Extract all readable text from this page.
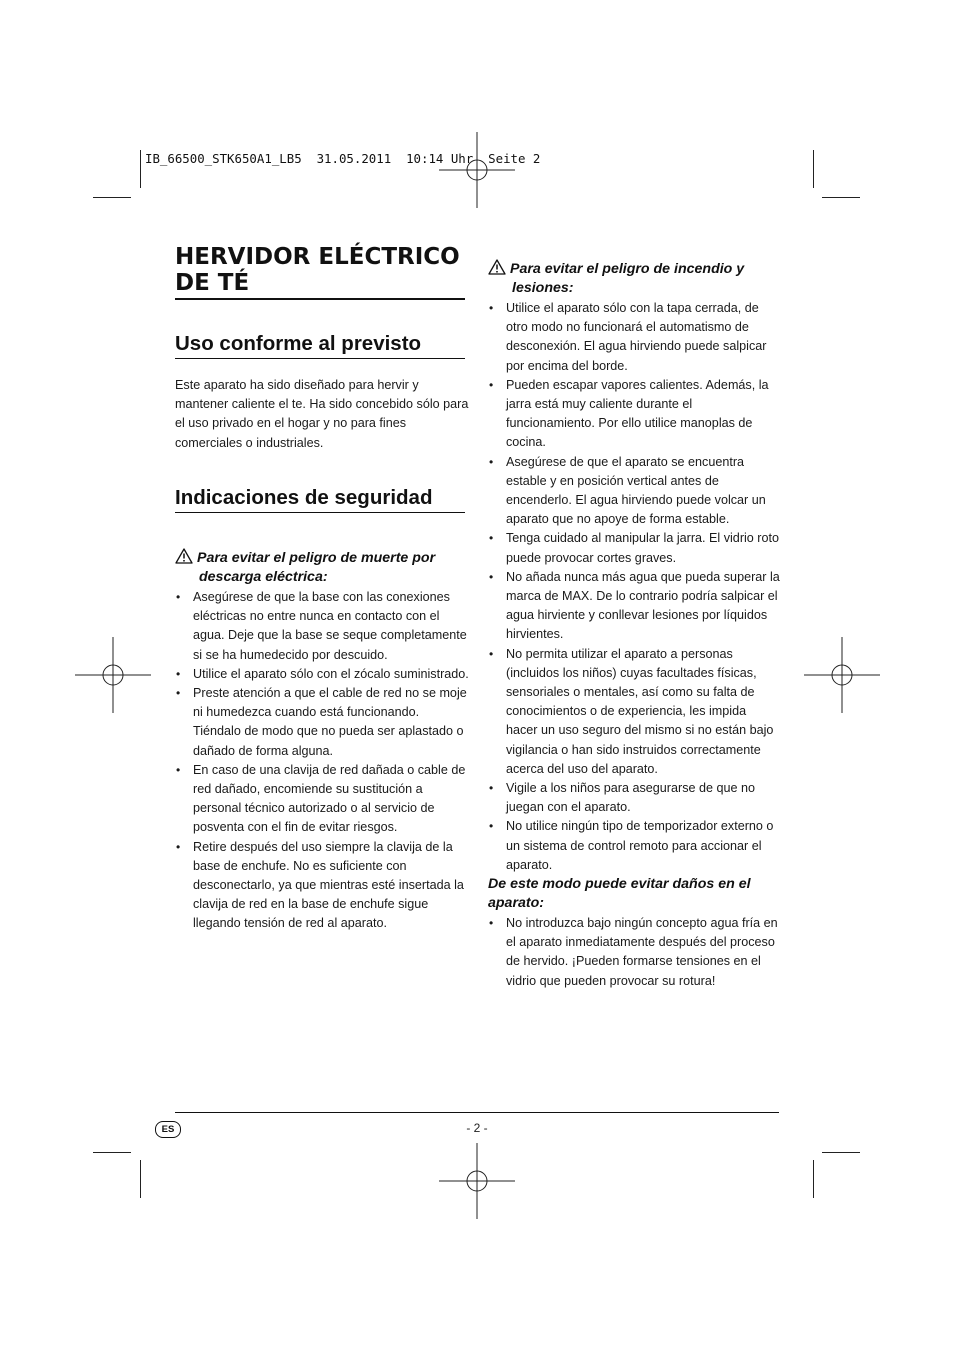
IB_66500_STK650A1_LB5  31.05.2011  10:14 Uhr  Seite 2
HERVIDOR ELÉCTRICO DE TÉ
Uso conforme al previsto

Este aparato ha sido diseñado para hervir y mantener caliente el te. Ha sido concebido sólo para el uso privado en el hogar y no para fines comerciales o industriales.

Indicaciones de seguridad
Para evitar el peligro de muerte por descarga eléctrica:
• Asegúrese de que la base con las conexiones eléctricas no entre nunca en contacto con el agua. Deje que la base se seque completamente si se ha humedecido por descuido.
• Utilice el aparato sólo con el zócalo suministrado.
• Preste atención a que el cable de red no se moje ni humedezca cuando está funcionando. Tiéndalo de modo que no pueda ser aplastado o dañado de forma alguna.
• En caso de una clavija de red dañada o cable de red dañado, encomiende su sustitución a personal técnico autorizado o al servicio de posventa con el fin de evitar riesgos.
• Retire después del uso siempre la clavija de la base de enchufe. No es suficiente con desconectarlo, ya que mientras esté insertada la clavija de red en la base de enchufe sigue llegando tensión de red al aparato.
Para evitar el peligro de incendio y lesiones:
• Utilice el aparato sólo con la tapa cerrada, de otro modo no funcionará el automatismo de desconexión. El agua hirviendo puede salpicar por encima del borde.
• Pueden escapar vapores calientes. Además, la jarra está muy caliente durante el funcionamiento. Por ello utilice manoplas de cocina.
• Asegúrese de que el aparato se encuentra estable y en posición vertical antes de encenderlo. El agua hirviendo puede volcar un aparato que no apoye de forma estable.
• Tenga cuidado al manipular la jarra. El vidrio roto puede provocar cortes graves.
• No añada nunca más agua que pueda superar la marca de MAX. De lo contrario podría salpicar el agua hirviente y conllevar lesiones por líquidos hirvientes.
• No permita utilizar el aparato a personas (incluidos los niños) cuyas facultades físicas, sensoriales o mentales, así como su falta de conocimientos o de experiencia, les impida hacer un uso seguro del mismo si no están bajo vigilancia o han sido instruidos correctamente acerca del uso del aparato.
• Vigile a los niños para asegurarse de que no juegan con el aparato.
• No utilice ningún tipo de temporizador externo o un sistema de control remoto para accionar el aparato.
De este modo puede evitar daños en el aparato:
• No introduzca bajo ningún concepto agua fría en el aparato inmediatamente después del proceso de hervido. ¡Pueden formarse tensiones en el vidrio que pueden provocar su rotura!
ES	- 2 -
